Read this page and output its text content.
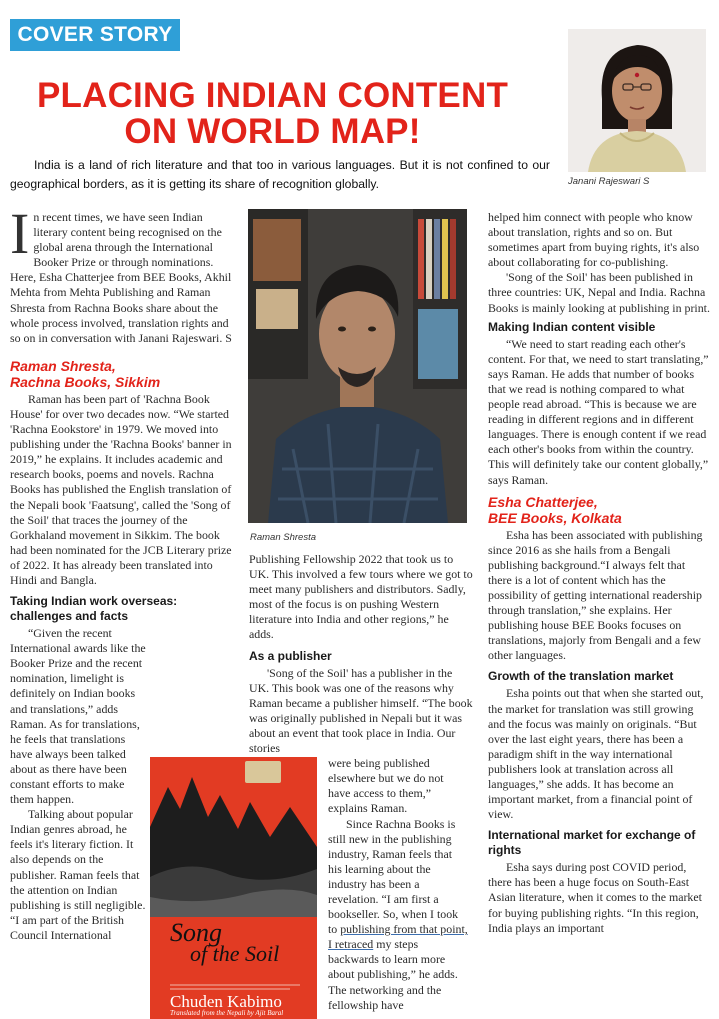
COVER STORY
PLACING INDIAN CONTENT
ON WORLD MAP!
India is a land of rich literature and that too in various languages. But it is not confined to our geographical borders, as it is getting its share of recognition globally.	Janani Rajeswari S

In recent times, we have seen Indian literary content being recognised on the global arena through the International Booker Prize or through nominations. Here, Esha Chatterjee from BEE Books, Akhil Mehta from Mehta Publishing and Raman Shresta from Rachna Books share about the whole process involved, translation rights and so on in conversation with Janani Rajeswari. S

Raman Shresta,
Rachna Books, Sikkim

Raman has been part of 'Rachna Book House' for over two decades now. “We started 'Rachna Eookstore' in 1979. We moved into publishing under the 'Rachna Books' banner in 2019,” he explains. It includes academic and research books, poems and novels. Rachna Books has published the English translation of the Nepali book 'Faatsung', called the 'Song of the Soil' that traces the journey of the Gorkhaland movement in Sikkim. The book had been nominated for the JCB Literary prize of 2022. It has already been translated into Hindi and Bangla.

Taking Indian work overseas: challenges and facts

“Given the recent International awards like the Booker Prize and the recent nomination, limelight is definitely on Indian books and translations,” adds Raman. As for translations, he feels that translations have always been talked about as there have been constant efforts to make them happen.

Talking about popular Indian genres abroad, he feels it's literary fiction. It also depends on the publisher. Raman feels that the attention on Indian publishing is still negligible. “I am part of the British Council International

Raman Shresta

Publishing Fellowship 2022 that took us to UK. This involved a few tours where we got to meet many publishers and distributors. Sadly, most of the focus is on pushing Western literature into India and other regions,” he adds.

As a publisher

'Song of the Soil' has a publisher in the UK. This book was one of the reasons why Raman became a publisher himself. “The book was originally published in Nepali but it was about an event that took place in India. Our stories

were being published elsewhere but we do not have access to them,” explains Raman.

Since Rachna Books is still new in the publishing industry, Raman feels that his learning about the industry has been a revelation. “I am first a bookseller. So, when I took to publishing from that point, I retraced my steps backwards to learn more about publishing,” he adds. The networking and the fellowship have

Song
of the Soil
Chuden Kabimo
Translated from the Nepali by Ajit Baral

helped him connect with people who know about translation, rights and so on. But sometimes apart from buying rights, it's also about collaborating for co-publishing.

'Song of the Soil' has been published in three countries: UK, Nepal and India. Rachna Books is mainly looking at publishing in print.

Making Indian content visible

“We need to start reading each other's content. For that, we need to start translating,” says Raman. He adds that number of books that we read is nothing compared to what people read abroad. “This is because we are reading in different regions and in different languages. There is enough content if we read each other's books from within the country. This will definitely take our content globally,” says Raman.

Esha Chatterjee,
BEE Books, Kolkata

Esha has been associated with publishing since 2016 as she hails from a Bengali publishing background.“I always felt that there is a lot of content which has the possibility of getting international readership through translation,” she explains. Her publishing house BEE Books focuses on translations, majorly from Bengali and a few other languages.

Growth of the translation market

Esha points out that when she started out, the market for translation was still growing and the focus was mainly on originals. “But over the last eight years, there has been a paradigm shift in the way international publishers look at translation across all languages,” she adds. It has become an important market, from a financial point of view.

International market for exchange of rights

Esha says during post COVID period, there has been a huge focus on South-East Asian literature, when it comes to the market for buying publishing rights. “In this region, India plays an important
